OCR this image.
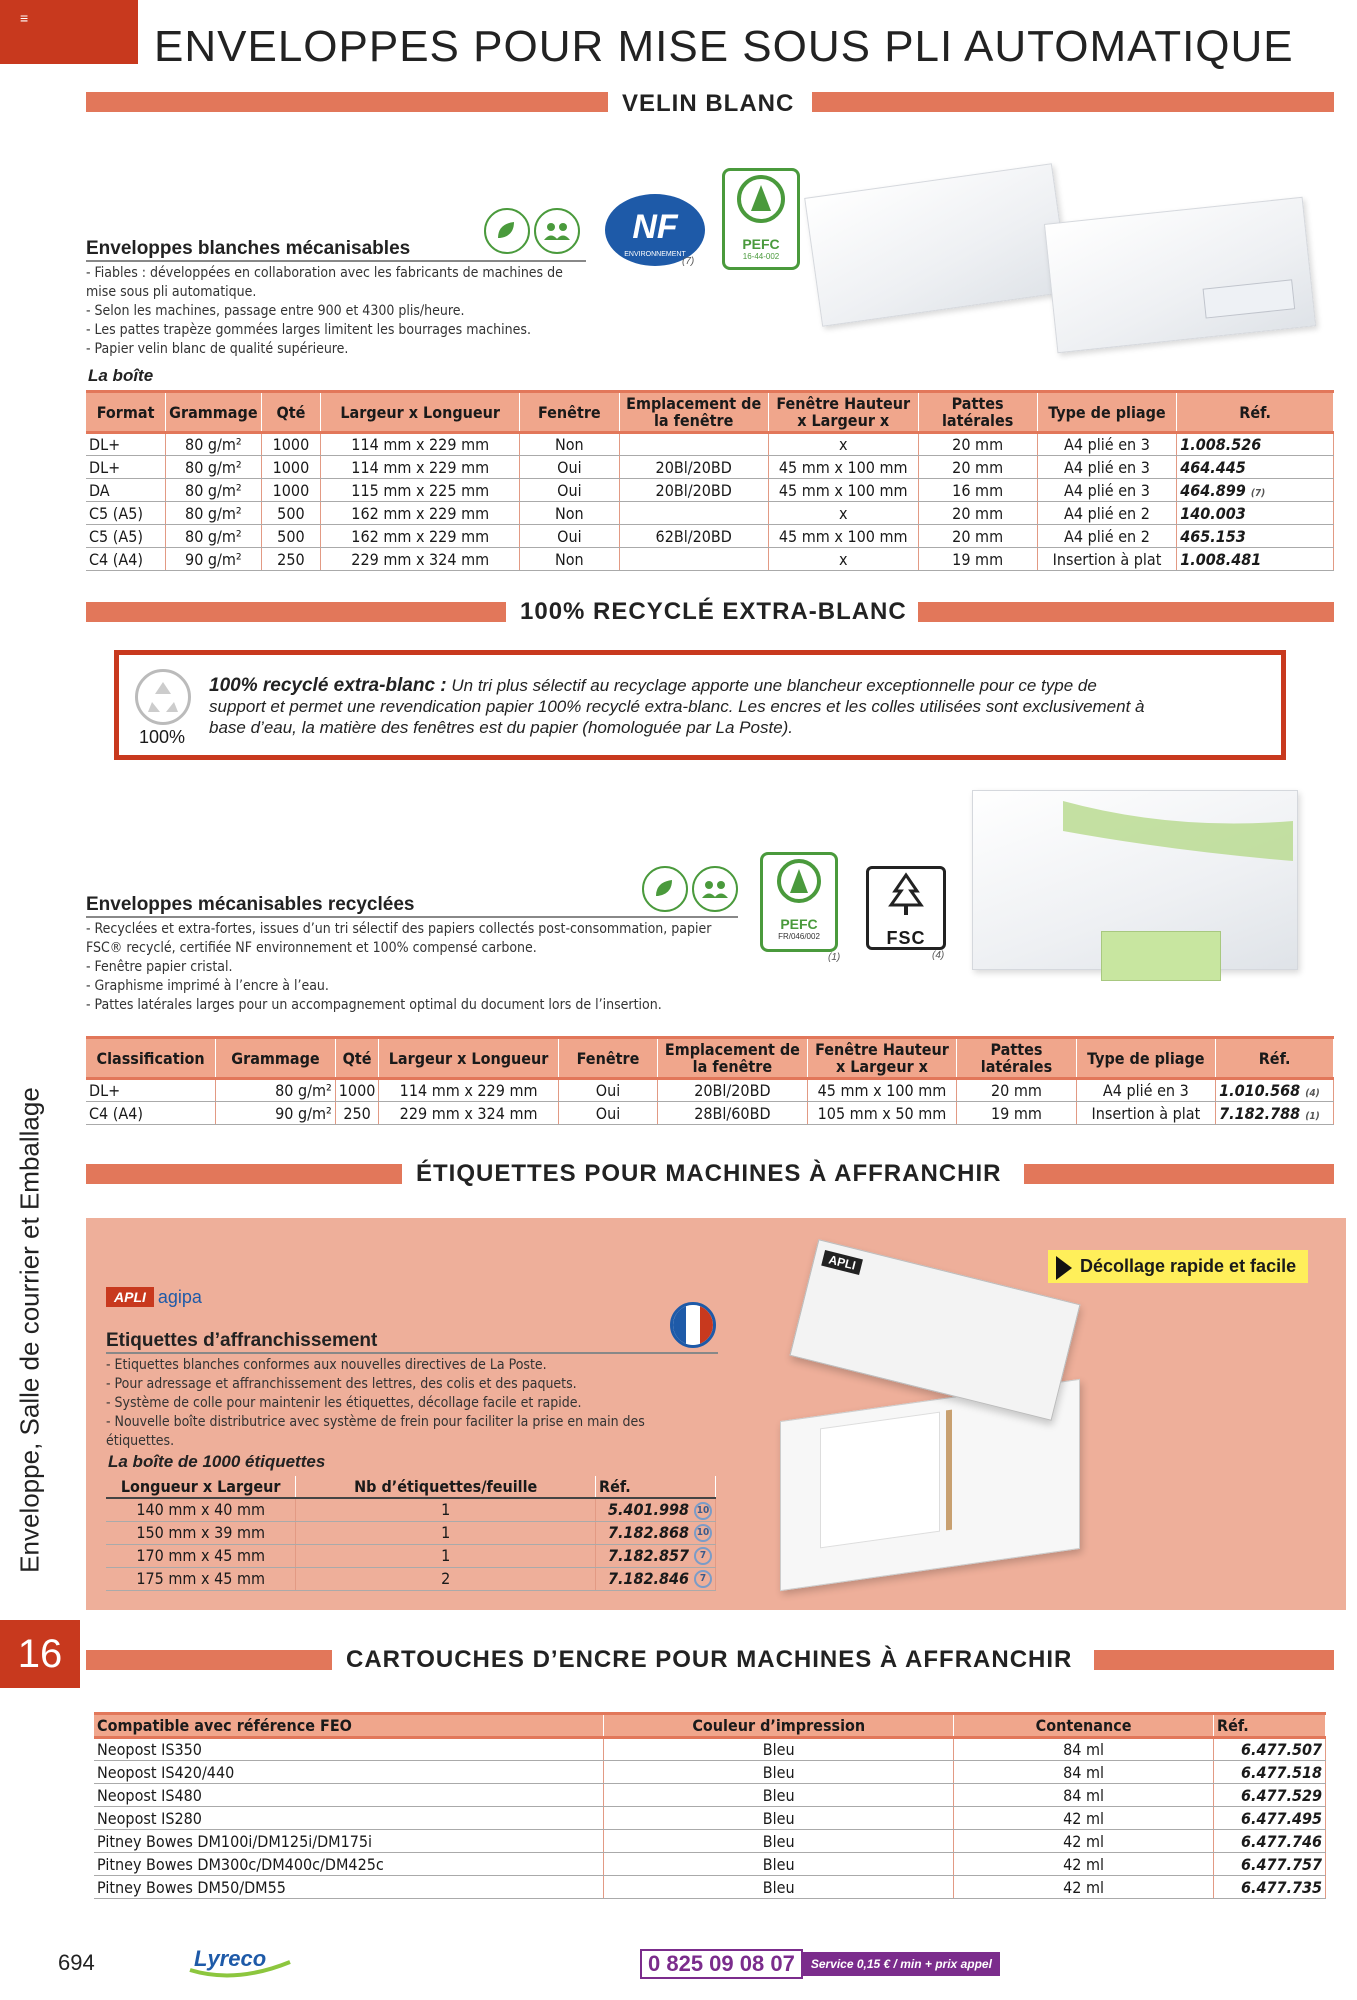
≡
ENVELOPPES POUR MISE SOUS PLI AUTOMATIQUE
Enveloppe, Salle de courrier et Emballage
16
VELIN BLANC
NF
ENVIRONNEMENT
(7)
PEFC
16-44-002
Enveloppes blanches mécanisables
- Fiables : développées en collaboration avec les fabricants de machines de
mise sous pli automatique.
- Selon les machines, passage entre 900 et 4300 plis/heure.
- Les pattes trapèze gommées larges limitent les bourrages machines.
- Papier velin blanc de qualité supérieure.
La boîte
Format	Grammage	Qté	Largeur x Longueur	Fenêtre	Emplacement de la fenêtre	Fenêtre Hauteur x Largeur x	Pattes latérales	Type de pliage	Réf.
DL+	80 g/m²	1000	114 mm x 229 mm	Non		x	20 mm	A4 plié en 3	1.008.526
DL+	80 g/m²	1000	114 mm x 229 mm	Oui	20Bl/20BD	45 mm x 100 mm	20 mm	A4 plié en 3	464.445
DA	80 g/m²	1000	115 mm x 225 mm	Oui	20Bl/20BD	45 mm x 100 mm	16 mm	A4 plié en 3	464.899 (7)
C5 (A5)	80 g/m²	500	162 mm x 229 mm	Non		x	20 mm	A4 plié en 2	140.003
C5 (A5)	80 g/m²	500	162 mm x 229 mm	Oui	62Bl/20BD	45 mm x 100 mm	20 mm	A4 plié en 2	465.153
C4 (A4)	90 g/m²	250	229 mm x 324 mm	Non		x	19 mm	Insertion à plat	1.008.481
100% RECYCLÉ EXTRA-BLANC
100%
100% recyclé extra-blanc : Un tri plus sélectif au recyclage apporte une blancheur exceptionnelle pour ce type de
support et permet une revendication papier 100% recyclé extra-blanc. Les encres et les colles utilisées sont exclusivement à
base d’eau, la matière des fenêtres est du papier (homologuée par La Poste).
PEFC
FR/046/002
(1)
FSC
(4)
Enveloppes mécanisables recyclées
- Recyclées et extra-fortes, issues d’un tri sélectif des papiers collectés post-consommation, papier
FSC® recyclé, certifiée NF environnement et 100% compensé carbone.
- Fenêtre papier cristal.
- Graphisme imprimé à l’encre à l’eau.
- Pattes latérales larges pour un accompagnement optimal du document lors de l’insertion.
Classification	Grammage	Qté	Largeur x Longueur	Fenêtre	Emplacement de la fenêtre	Fenêtre Hauteur x Largeur x	Pattes latérales	Type de pliage	Réf.
DL+	80 g/m²	1000	114 mm x 229 mm	Oui	20Bl/20BD	45 mm x 100 mm	20 mm	A4 plié en 3	1.010.568 (4)
C4 (A4)	90 g/m²	250	229 mm x 324 mm	Oui	28Bl/60BD	105 mm x 50 mm	19 mm	Insertion à plat	7.182.788 (1)
ÉTIQUETTES POUR MACHINES À AFFRANCHIR
APLI agipa
Décollage rapide et facile
APLI
Etiquettes d’affranchissement
- Etiquettes blanches conformes aux nouvelles directives de La Poste.
- Pour adressage et affranchissement des lettres, des colis et des paquets.
- Système de colle pour maintenir les étiquettes, décollage facile et rapide.
- Nouvelle boîte distributrice avec système de frein pour faciliter la prise en main des
étiquettes.
La boîte de 1000 étiquettes
Longueur x Largeur	Nb d’étiquettes/feuille	Réf.
140 mm x 40 mm	1	5.401.998 10
150 mm x 39 mm	1	7.182.868 10
170 mm x 45 mm	1	7.182.857 7
175 mm x 45 mm	2	7.182.846 7
CARTOUCHES D’ENCRE POUR MACHINES À AFFRANCHIR
Compatible avec référence FEO	Couleur d’impression	Contenance	Réf.
Neopost IS350	Bleu	84 ml	6.477.507
Neopost IS420/440	Bleu	84 ml	6.477.518
Neopost IS480	Bleu	84 ml	6.477.529
Neopost IS280	Bleu	42 ml	6.477.495
Pitney Bowes DM100i/DM125i/DM175i	Bleu	42 ml	6.477.746
Pitney Bowes DM300c/DM400c/DM425c	Bleu	42 ml	6.477.757
Pitney Bowes DM50/DM55	Bleu	42 ml	6.477.735
694	Lyreco	0 825 09 08 07	Service 0,15 € / min + prix appel
